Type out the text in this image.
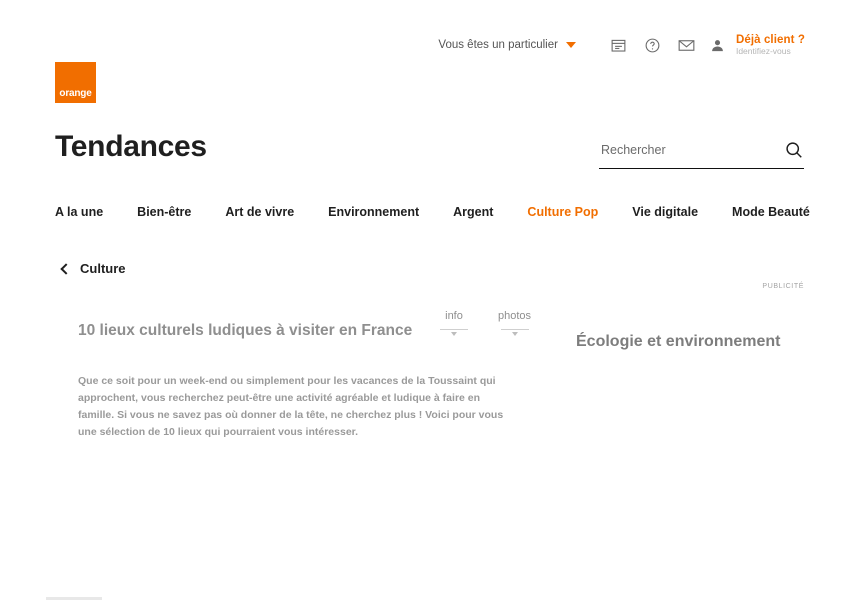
Vous êtes un particulier	Déjà client ?
Identifiez-vous
orange
Tendances
Rechercher
A la une	Bien-être	Art de vivre	Environnement	Argent	Culture Pop	Vie digitale	Mode Beauté
Culture
10 lieux culturels ludiques à visiter en France
info	photos

Que ce soit pour un week-end ou simplement pour les vacances de la Toussaint qui approchent, vous recherchez peut-être une activité agréable et ludique à faire en famille. Si vous ne savez pas où donner de la tête, ne cherchez plus ! Voici pour vous une sélection de 10 lieux qui pourraient vous intéresser.

PUBLICITÉ
Écologie et environnement
